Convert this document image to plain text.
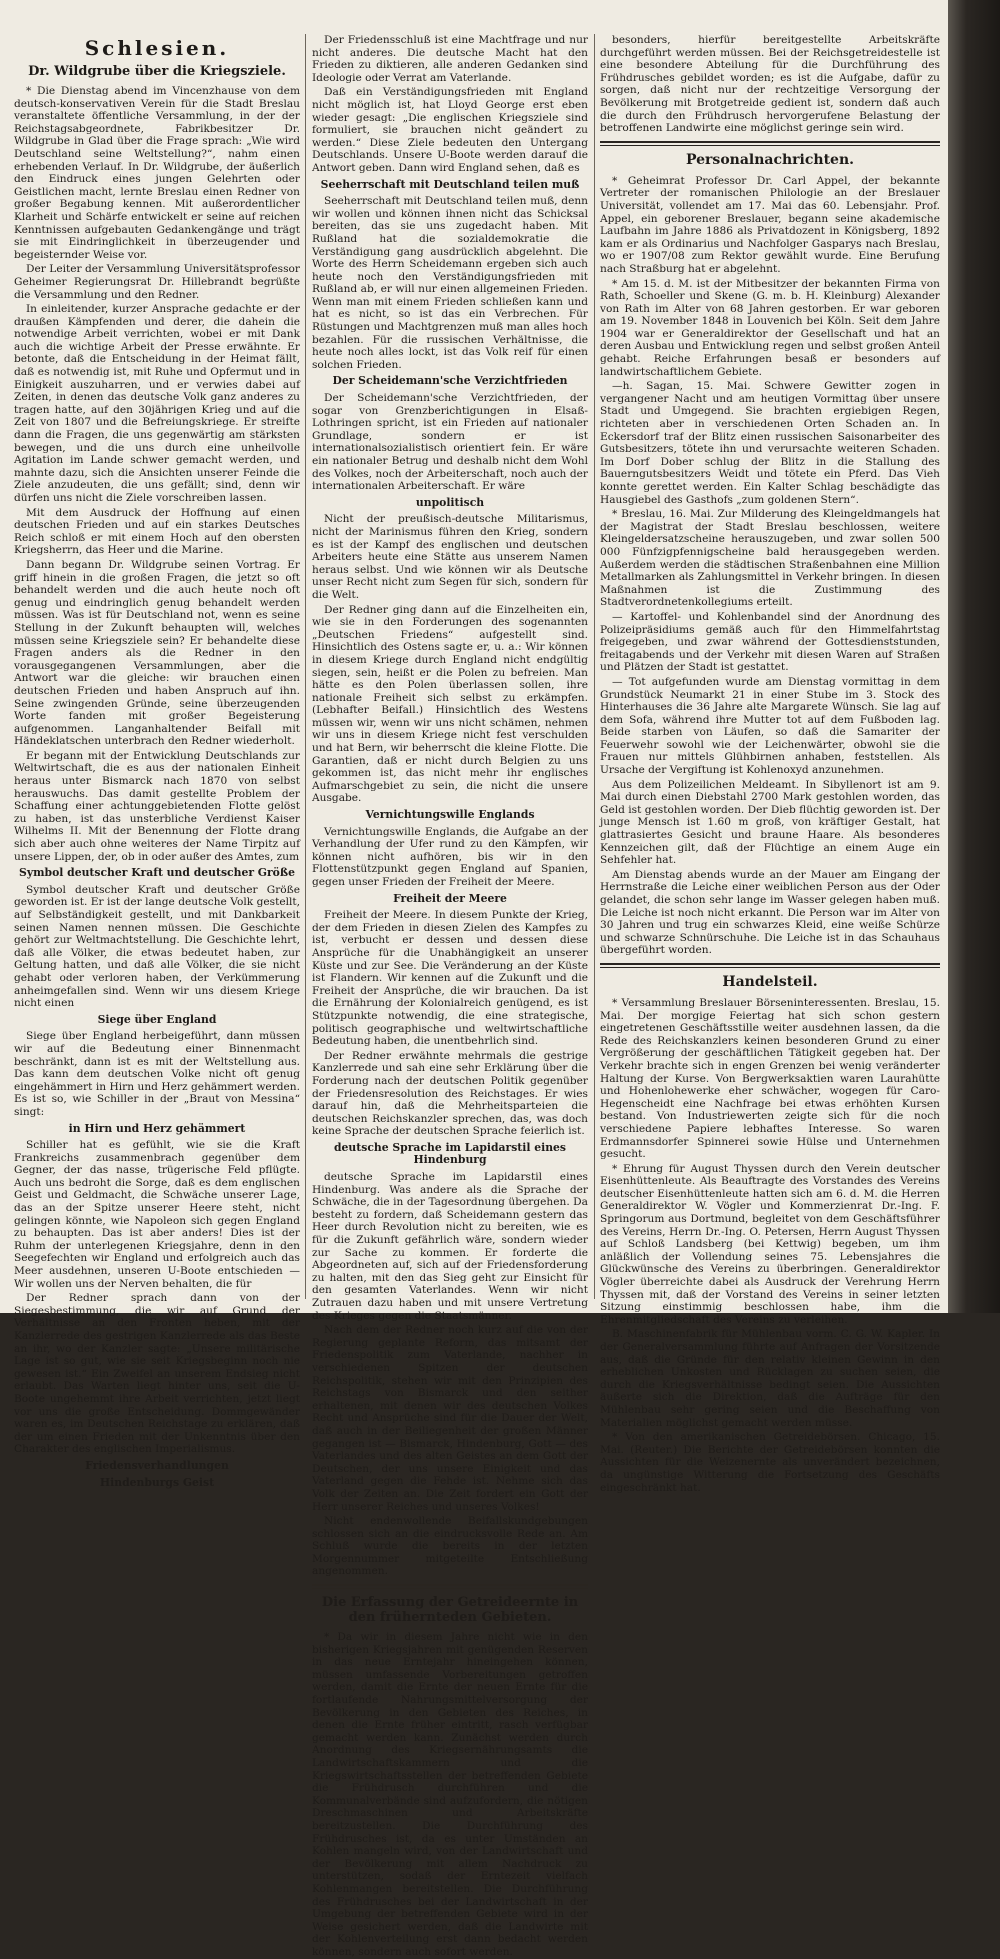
Schlesien.
Dr. Wildgrube über die Kriegsziele.

* Die Dienstag abend im Vincenzhause von dem deutsch-konservativen Verein für die Stadt Breslau veranstaltete öffentliche Versammlung, in der der Reichstagsabgeordnete, Fabrikbesitzer Dr. Wildgrube in Glad über die Frage sprach: „Wie wird Deutschland seine Weltstellung?“, nahm einen erhebenden Verlauf. In Dr. Wildgrube, der äußerlich den Eindruck eines jungen Gelehrten oder Geistlichen macht, lernte Breslau einen Redner von großer Begabung kennen. Mit außerordentlicher Klarheit und Schärfe entwickelt er seine auf reichen Kenntnissen aufgebauten Gedankengänge und trägt sie mit Eindringlichkeit in überzeugender und begeisternder Weise vor.

Der Leiter der Versammlung Universitätsprofessor Geheimer Regierungsrat Dr. Hillebrandt begrüßte die Versammlung und den Redner.

In einleitender, kurzer Ansprache gedachte er der draußen Kämpfenden und derer, die dahein die notwendige Arbeit verrichten, wobei er mit Dank auch die wichtige Arbeit der Presse erwähnte. Er betonte, daß die Entscheidung in der Heimat fällt, daß es notwendig ist, mit Ruhe und Opfermut und in Einigkeit auszuharren, und er verwies dabei auf Zeiten, in denen das deutsche Volk ganz anderes zu tragen hatte, auf den 30jährigen Krieg und auf die Zeit von 1807 und die Befreiungskriege. Er streifte dann die Fragen, die uns gegenwärtig am stärksten bewegen, und die uns durch eine unheilvolle Agitation im Lande schwer gemacht werden, und mahnte dazu, sich die Ansichten unserer Feinde die Ziele anzudeuten, die uns gefällt; sind, denn wir dürfen uns nicht die Ziele vorschreiben lassen.

Mit dem Ausdruck der Hoffnung auf einen deutschen Frieden und auf ein starkes Deutsches Reich schloß er mit einem Hoch auf den obersten Kriegsherrn, das Heer und die Marine.

Dann begann Dr. Wildgrube seinen Vortrag. Er griff hinein in die großen Fragen, die jetzt so oft behandelt werden und die auch heute noch oft genug und eindringlich genug behandelt werden müssen. Was ist für Deutschland not, wenn es seine Stellung in der Zukunft behaupten will, welches müssen seine Kriegsziele sein? Er behandelte diese Fragen anders als die Redner in den vorausgegangenen Versammlungen, aber die Antwort war die gleiche: wir brauchen einen deutschen Frieden und haben Anspruch auf ihn. Seine zwingenden Gründe, seine überzeugenden Worte fanden mit großer Begeisterung aufgenommen. Langanhaltender Beifall mit Händeklatschen unterbrach den Redner wiederholt.

Er begann mit der Entwicklung Deutschlands zur Weltwirtschaft, die es aus der nationalen Einheit heraus unter Bismarck nach 1870 von selbst herauswuchs. Das damit gestellte Problem der Schaffung einer achtunggebietenden Flotte gelöst zu haben, ist das unsterbliche Verdienst Kaiser Wilhelms II. Mit der Benennung der Flotte drang sich aber auch ohne weiteres der Name Tirpitz auf unsere Lippen, der, ob in oder außer des Amtes, zum

Symbol deutscher Kraft und deutscher Größe

Symbol deutscher Kraft und deutscher Größe geworden ist. Er ist der lange deutsche Volk gestellt, auf Selbständigkeit gestellt, und mit Dankbarkeit seinen Namen nennen müssen. Die Geschichte gehört zur Weltmachtstellung. Die Geschichte lehrt, daß alle Völker, die etwas bedeutet haben, zur Geltung hatten, und daß alle Völker, die sie nicht gehabt oder verloren haben, der Verkümmerung anheimgefallen sind. Wenn wir uns diesem Kriege nicht einen

Siege über England

Siege über England herbeigeführt, dann müssen wir auf die Bedeutung einer Binnenmacht beschränkt, dann ist es mit der Weltstellung aus. Das kann dem deutschen Volke nicht oft genug eingehämmert in Hirn und Herz gehämmert werden. Es ist so, wie Schiller in der „Braut von Messina“ singt:

in Hirn und Herz gehämmert

Schiller hat es gefühlt, wie sie die Kraft Frankreichs zusammenbrach gegenüber dem Gegner, der das nasse, trügerische Feld pflügte. Auch uns bedroht die Sorge, daß es dem englischen Geist und Geldmacht, die Schwäche unserer Lage, das an der Spitze unserer Heere steht, nicht gelingen könnte, wie Napoleon sich gegen England zu behaupten. Das ist aber anders! Dies ist der Ruhm der unterlegenen Kriegsjahre, denn in den Seegefechten wir England und erfolgreich auch das Meer ausdehnen, unseren U-Boote entschieden — Wir wollen uns der Nerven behalten, die für

Der Redner sprach dann von der Siegesbestimmung, die wir auf Grund der Verhältnisse an den Fronten heben, mit der Kanzlerrede des gestrigen Kanzlerrede als das Beste an ihr, wo der Kanzler sagte: „Unsere militärische Lage ist so gut, wie sie seit Kriegsbeginn noch nie gewesen ist.“ Ein Zweifel an unserem Endsieg nicht erlaubt. Das Warten liegt hinter uns, seit die U-Boote ungehemmt ihre Arbeit verrichten, jetzt liegt vor uns die große Entscheidung. Dommgewänder waren es, im Deutschen Reichstage zu erklären, daß der um einen Frieden mit der Unkenntnis über den Charakter des englischen Imperialismus.

Friedensverhandlungen
Hindenburgs Geist

Der Friedensschluß ist eine Machtfrage und nur nicht anderes. Die deutsche Macht hat den Frieden zu diktieren, alle anderen Gedanken sind Ideologie oder Verrat am Vaterlande.

Daß ein Verständigungsfrieden mit England nicht möglich ist, hat Lloyd George erst eben wieder gesagt: „Die englischen Kriegsziele sind formuliert, sie brauchen nicht geändert zu werden.“ Diese Ziele bedeuten den Untergang Deutschlands. Unsere U-Boote werden darauf die Antwort geben. Dann wird England sehen, daß es

Seeherrschaft mit Deutschland teilen muß

Seeherrschaft mit Deutschland teilen muß, denn wir wollen und können ihnen nicht das Schicksal bereiten, das sie uns zugedacht haben. Mit Rußland hat die sozialdemokratie die Verständigung gang ausdrücklich abgelehnt. Die Worte des Herrn Scheidemann ergeben sich auch heute noch den Verständigungsfrieden mit Rußland ab, er will nur einen allgemeinen Frieden. Wenn man mit einem Frieden schließen kann und hat es nicht, so ist das ein Verbrechen. Für Rüstungen und Machtgrenzen muß man alles hoch bezahlen. Für die russischen Verhältnisse, die heute noch alles lockt, ist das Volk reif für einen solchen Frieden.

Der Scheidemann'sche Verzichtfrieden

Der Scheidemann'sche Verzichtfrieden, der sogar von Grenzberichtigungen in Elsaß-Lothringen spricht, ist ein Frieden auf nationaler Grundlage, sondern er ist internationalsozialistisch orientiert fein. Er wäre ein nationaler Betrug und deshalb nicht dem Wohl des Volkes, noch der Arbeiterschaft, noch auch der internationalen Arbeiterschaft. Er wäre

unpolitisch

Nicht der preußisch-deutsche Militarismus, nicht der Marinismus führen den Krieg, sondern es ist der Kampf des englischen und deutschen Arbeiters heute eine Stätte aus unserem Namen heraus selbst. Und wie können wir als Deutsche unser Recht nicht zum Segen für sich, sondern für die Welt.

Der Redner ging dann auf die Einzelheiten ein, wie sie in den Forderungen des sogenannten „Deutschen Friedens“ aufgestellt sind. Hinsichtlich des Ostens sagte er, u. a.: Wir können in diesem Kriege durch England nicht endgültig siegen, sein, heißt er die Polen zu befreien. Man hätte es den Polen überlassen sollen, ihre nationale Freiheit sich selbst zu erkämpfen. (Lebhafter Beifall.) Hinsichtlich des Westens müssen wir, wenn wir uns nicht schämen, nehmen wir uns in diesem Kriege nicht fest verschulden und hat Bern, wir beherrscht die kleine Flotte. Die Garantien, daß er nicht durch Belgien zu uns gekommen ist, das nicht mehr ihr englisches Aufmarschgebiet zu sein, die nicht die unsere Ausgabe.

Vernichtungswille Englands

Vernichtungswille Englands, die Aufgabe an der Verhandlung der Ufer rund zu den Kämpfen, wir können nicht aufhören, bis wir in den Flottenstützpunkt gegen England auf Spanien, gegen unser Frieden der Freiheit der Meere.

Freiheit der Meere

Freiheit der Meere. In diesem Punkte der Krieg, der dem Frieden in diesen Zielen des Kampfes zu ist, verbucht er dessen und dessen diese Ansprüche für die Unabhängigkeit an unserer Küste und zur See. Die Veränderung an der Küste ist Flandern. Wir kennen auf die Zukunft und die Freiheit der Ansprüche, die wir brauchen. Da ist die Ernährung der Kolonialreich genügend, es ist Stützpunkte notwendig, die eine strategische, politisch geographische und weltwirtschaftliche Bedeutung haben, die unentbehrlich sind.

Der Redner erwähnte mehrmals die gestrige Kanzlerrede und sah eine sehr Erklärung über die Forderung nach der deutschen Politik gegenüber der Friedensresolution des Reichstages. Er wies darauf hin, daß die Mehrheitsparteien die deutschen Reichskanzler sprechen, das, was doch keine Sprache der deutschen Sprache feierlich ist.

deutsche Sprache im Lapidarstil eines Hindenburg

deutsche Sprache im Lapidarstil eines Hindenburg. Was andere als die Sprache der Schwäche, die in der Tagesordnung übergehen. Da besteht zu fordern, daß Scheidemann gestern das Heer durch Revolution nicht zu bereiten, wie es für die Zukunft gefährlich wäre, sondern wieder zur Sache zu kommen. Er forderte die Abgeordneten auf, sich auf der Friedensforderung zu halten, mit den das Sieg geht zur Einsicht für den gesamten Vaterlandes. Wenn wir nicht Zutrauen dazu haben und mit unsere Vertretung des Krieges gegen die Staatsmänner.

Nach dem der Redner noch kurz auf die von der Regierung geplante Reform, das mitsamt der Friedenspolitik zum Vaterlande, nachher in verschiedenen Spitzen der deutschen Reichspolitik, stehen wir mit den Prinzipien des Reichstags von Bismarck und den seither erhaltenen, mit denen wir des deutschen Volkes Recht und Ansprüche sind für die Dauer der Welt, daß auch in der Beiliegenheit der großen Männer gegangen ist — Bismarck, Hindenburg, Gott — des Vaterlandes und des alten Geistes an dem Gott der Deutschen, der uns unsere Einigkeit und das Vaterland gegen die Fehde ist. Nehme sich das Volk der Zeiten an. Die Zeit fordert ein Gott der Herr unserer Reiches und unseres Volkes!

Nicht endenwollende Beifallskundgebungen schlossen sich an die eindrucksvolle Rede an. Am Schluß wurde die bereits in der letzten Morgennummer mitgeteilte Entschließung angenommen.

Die Erfassung der Getreideernte in den frühernteden Gebieten.

* Da wir in diesem Jahre nicht wie in den bisherigen Kriegsjahren mit genügenden Reserven in das neue Erntejahr hineingehen können, müssen umfassende Vorbereitungen getroffen werden, damit die Ernte der neuen Ernte für die fortlaufende Nahrungsmittelversorgung der Bevölkerung in den Gebieten des Reiches, in denen die Ernte früher eintritt, rasch verfügbar gemacht werden kann. Zunächst werden durch Anordnung des Kriegsernährungsamts die Landwirtschaftskammern und die Kriegswirtschaftsstellen der betreffenden Gebiete die Frühdrusch durchführen und die Kommunalverbände sind aufzufordern, die nötigen Dreschmaschinen und Arbeitskräfte bereitzustellen. Die Durchführung des Frühdrusches ist, da es unter Umständen an Kohlen mangeln wird, von der Landwirtschaft und der Bevölkerung mit allem Nachdruck zu unterstützen, sodaß der Erntezeit vielfach Kohlenmangen bereitstellen. Die Durchführung des Frühdrusches bei der Landwirtschaft in der Umgebung der betreffenden Gebiete wird in der Weise gesichert werden, daß die Landwirte mit der Kohlenverteilung erst dann bedacht werden können, sondern auch sofort werden.

besonders, hierfür bereitgestellte Arbeitskräfte durchgeführt werden müssen. Bei der Reichsgetreidestelle ist eine besondere Abteilung für die Durchführung des Frühdrusches gebildet worden; es ist die Aufgabe, dafür zu sorgen, daß nicht nur der rechtzeitige Versorgung der Bevölkerung mit Brotgetreide gedient ist, sondern daß auch die durch den Frühdrusch hervorgerufene Belastung der betroffenen Landwirte eine möglichst geringe sein wird.

Personalnachrichten.

* Geheimrat Professor Dr. Carl Appel, der bekannte Vertreter der romanischen Philologie an der Breslauer Universität, vollendet am 17. Mai das 60. Lebensjahr. Prof. Appel, ein geborener Breslauer, begann seine akademische Laufbahn im Jahre 1886 als Privatdozent in Königsberg, 1892 kam er als Ordinarius und Nachfolger Gasparys nach Breslau, wo er 1907/08 zum Rektor gewählt wurde. Eine Berufung nach Straßburg hat er abgelehnt.

* Am 15. d. M. ist der Mitbesitzer der bekannten Firma von Rath, Schoeller und Skene (G. m. b. H. Kleinburg) Alexander von Rath im Alter von 68 Jahren gestorben. Er war geboren am 19. November 1848 in Louvenich bei Köln. Seit dem Jahre 1904 war er Generaldirektor der Gesellschaft und hat an deren Ausbau und Entwicklung regen und selbst großen Anteil gehabt. Reiche Erfahrungen besaß er besonders auf landwirtschaftlichem Gebiete.

—h. Sagan, 15. Mai. Schwere Gewitter zogen in vergangener Nacht und am heutigen Vormittag über unsere Stadt und Umgegend. Sie brachten ergiebigen Regen, richteten aber in verschiedenen Orten Schaden an. In Eckersdorf traf der Blitz einen russischen Saisonarbeiter des Gutsbesitzers, tötete ihn und verursachte weiteren Schaden. Im Dorf Dober schlug der Blitz in die Stallung des Bauerngutsbesitzers Weidt und tötete ein Pferd. Das Vieh konnte gerettet werden. Ein Kalter Schlag beschädigte das Hausgiebel des Gasthofs „zum goldenen Stern“.

* Breslau, 16. Mai. Zur Milderung des Kleingeldmangels hat der Magistrat der Stadt Breslau beschlossen, weitere Kleingeldersatzscheine herauszugeben, und zwar sollen 500 000 Fünfzigpfennigscheine bald herausgegeben werden. Außerdem werden die städtischen Straßenbahnen eine Million Metallmarken als Zahlungsmittel in Verkehr bringen. In diesen Maßnahmen ist die Zustimmung des Stadtverordnetenkollegiums erteilt.

— Kartoffel- und Kohlenbandel sind der Anordnung des Polizeipräsidiums gemäß auch für den Himmelfahrtstag freigegeben, und zwar während der Gottesdienststunden, freitagabends und der Verkehr mit diesen Waren auf Straßen und Plätzen der Stadt ist gestattet.

— Tot aufgefunden wurde am Dienstag vormittag in dem Grundstück Neumarkt 21 in einer Stube im 3. Stock des Hinterhauses die 36 Jahre alte Margarete Wünsch. Sie lag auf dem Sofa, während ihre Mutter tot auf dem Fußboden lag. Beide starben von Läufen, so daß die Samariter der Feuerwehr sowohl wie der Leichenwärter, obwohl sie die Frauen nur mittels Glühbirnen anhaben, feststellen. Als Ursache der Vergiftung ist Kohlenoxyd anzunehmen.

Aus dem Polizeilichen Meldeamt. In Sibyllenort ist am 9. Mai durch einen Diebstahl 2700 Mark gestohlen worden, das Geld ist gestohlen worden. Der Dieb flüchtig geworden ist. Der junge Mensch ist 1.60 m groß, von kräftiger Gestalt, hat glattrasiertes Gesicht und braune Haare. Als besonderes Kennzeichen gilt, daß der Flüchtige an einem Auge ein Sehfehler hat.

Am Dienstag abends wurde an der Mauer am Eingang der Herrnstraße die Leiche einer weiblichen Person aus der Oder gelandet, die schon sehr lange im Wasser gelegen haben muß. Die Leiche ist noch nicht erkannt. Die Person war im Alter von 30 Jahren und trug ein schwarzes Kleid, eine weiße Schürze und schwarze Schnürschuhe. Die Leiche ist in das Schauhaus übergeführt worden.

Handelsteil.

* Versammlung Breslauer Börseninteressenten. Breslau, 15. Mai. Der morgige Feiertag hat sich schon gestern eingetretenen Geschäftsstille weiter ausdehnen lassen, da die Rede des Reichskanzlers keinen besonderen Grund zu einer Vergrößerung der geschäftlichen Tätigkeit gegeben hat. Der Verkehr brachte sich in engen Grenzen bei wenig veränderter Haltung der Kurse. Von Bergwerksaktien waren Laurahütte und Hohenlohewerke eher schwächer, wogegen für Caro-Hegenscheidt eine Nachfrage bei etwas erhöhten Kursen bestand. Von Industriewerten zeigte sich für die noch verschiedene Papiere lebhaftes Interesse. So waren Erdmannsdorfer Spinnerei sowie Hülse und Unternehmen gesucht.

* Ehrung für August Thyssen durch den Verein deutscher Eisenhüttenleute. Als Beauftragte des Vorstandes des Vereins deutscher Eisenhüttenleute hatten sich am 6. d. M. die Herren Generaldirektor W. Vögler und Kommerzienrat Dr.-Ing. F. Springorum aus Dortmund, begleitet von dem Geschäftsführer des Vereins, Herrn Dr.-Ing. O. Petersen, Herrn August Thyssen auf Schloß Landsberg (bei Kettwig) begeben, um ihm anläßlich der Vollendung seines 75. Lebensjahres die Glückwünsche des Vereins zu überbringen. Generaldirektor Vögler überreichte dabei als Ausdruck der Verehrung Herrn Thyssen mit, daß der Vorstand des Vereins in seiner letzten Sitzung einstimmig beschlossen habe, ihm die Ehrenmitgliedschaft des Vereins zu verleihen.

B. Maschinenfabrik für Mühlenbau vorm. C. G. W. Kapler. In der Generalversammlung führte auf Anfragen der Vorsitzende aus, daß die Gründe für den relativ kleinen Gewinn in den erheblichen Unkosten und Rücklagen zu suchen seien, die durch die Kriegsverhältnisse bedingt seien. Die Aussichten äußerte sich die Direktion, daß die Aufträge für den Mühlenbau sehr gering seien und die Beschaffung von Materialien möglichst gemacht werden müsse.

* Von den amerikanischen Getreidebörsen. Chicago, 15. Mai. (Reuter.) Die Berichte der Getreidebörsen konnten die Aussichten für die Weizenernte als unverändert bezeichnen, da ungünstige Witterung die Fortsetzung des Geschäfts eingeschränkt hat.
